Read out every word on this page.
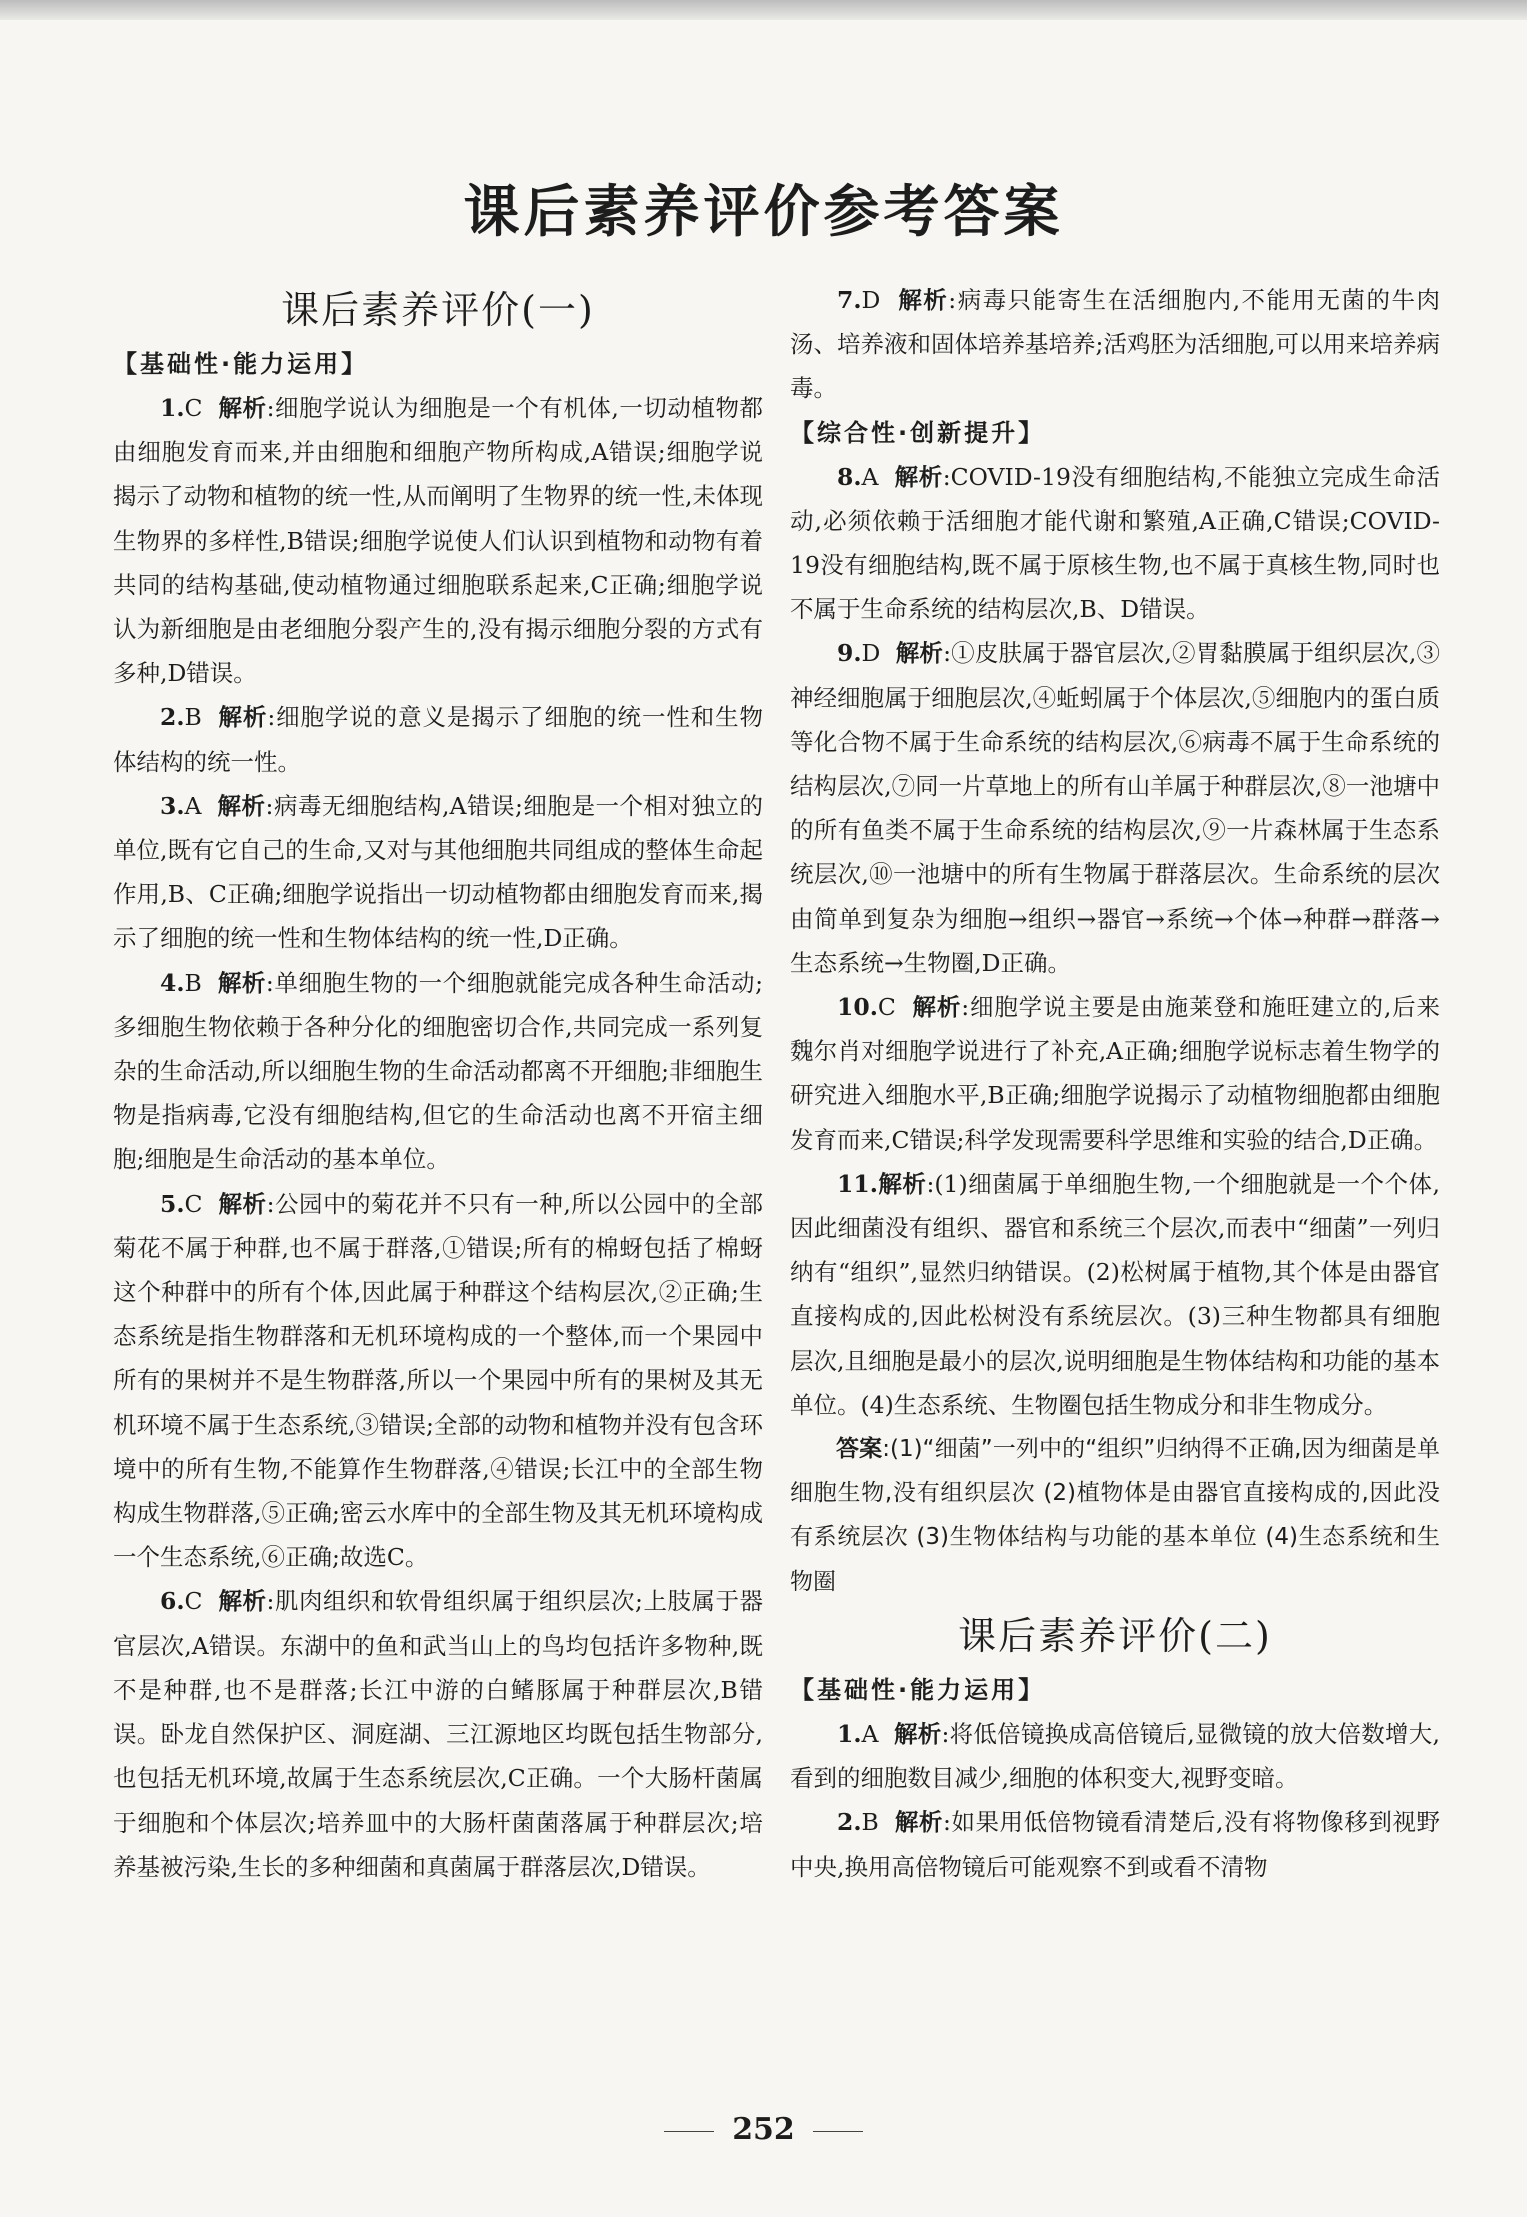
课后素养评价参考答案
课后素养评价(一)
【基础性·能力运用】

1.C 解析:细胞学说认为细胞是一个有机体,一切动植物都由细胞发育而来,并由细胞和细胞产物所构成,A错误;细胞学说揭示了动物和植物的统一性,从而阐明了生物界的统一性,未体现生物界的多样性,B错误;细胞学说使人们认识到植物和动物有着共同的结构基础,使动植物通过细胞联系起来,C正确;细胞学说认为新细胞是由老细胞分裂产生的,没有揭示细胞分裂的方式有多种,D错误。

2.B 解析:细胞学说的意义是揭示了细胞的统一性和生物体结构的统一性。

3.A 解析:病毒无细胞结构,A错误;细胞是一个相对独立的单位,既有它自己的生命,又对与其他细胞共同组成的整体生命起作用,B、C正确;细胞学说指出一切动植物都由细胞发育而来,揭示了细胞的统一性和生物体结构的统一性,D正确。

4.B 解析:单细胞生物的一个细胞就能完成各种生命活动;多细胞生物依赖于各种分化的细胞密切合作,共同完成一系列复杂的生命活动,所以细胞生物的生命活动都离不开细胞;非细胞生物是指病毒,它没有细胞结构,但它的生命活动也离不开宿主细胞;细胞是生命活动的基本单位。

5.C 解析:公园中的菊花并不只有一种,所以公园中的全部菊花不属于种群,也不属于群落,①错误;所有的棉蚜包括了棉蚜这个种群中的所有个体,因此属于种群这个结构层次,②正确;生态系统是指生物群落和无机环境构成的一个整体,而一个果园中所有的果树并不是生物群落,所以一个果园中所有的果树及其无机环境不属于生态系统,③错误;全部的动物和植物并没有包含环境中的所有生物,不能算作生物群落,④错误;长江中的全部生物构成生物群落,⑤正确;密云水库中的全部生物及其无机环境构成一个生态系统,⑥正确;故选C。

6.C 解析:肌肉组织和软骨组织属于组织层次;上肢属于器官层次,A错误。东湖中的鱼和武当山上的鸟均包括许多物种,既不是种群,也不是群落;长江中游的白鳍豚属于种群层次,B错误。卧龙自然保护区、洞庭湖、三江源地区均既包括生物部分,也包括无机环境,故属于生态系统层次,C正确。一个大肠杆菌属于细胞和个体层次;培养皿中的大肠杆菌菌落属于种群层次;培养基被污染,生长的多种细菌和真菌属于群落层次,D错误。

7.D 解析:病毒只能寄生在活细胞内,不能用无菌的牛肉汤、培养液和固体培养基培养;活鸡胚为活细胞,可以用来培养病毒。

【综合性·创新提升】

8.A 解析:COVID-19没有细胞结构,不能独立完成生命活动,必须依赖于活细胞才能代谢和繁殖,A正确,C错误;COVID-19没有细胞结构,既不属于原核生物,也不属于真核生物,同时也不属于生命系统的结构层次,B、D错误。

9.D 解析:①皮肤属于器官层次,②胃黏膜属于组织层次,③神经细胞属于细胞层次,④蚯蚓属于个体层次,⑤细胞内的蛋白质等化合物不属于生命系统的结构层次,⑥病毒不属于生命系统的结构层次,⑦同一片草地上的所有山羊属于种群层次,⑧一池塘中的所有鱼类不属于生命系统的结构层次,⑨一片森林属于生态系统层次,⑩一池塘中的所有生物属于群落层次。生命系统的层次由简单到复杂为细胞→组织→器官→系统→个体→种群→群落→生态系统→生物圈,D正确。

10.C 解析:细胞学说主要是由施莱登和施旺建立的,后来魏尔肖对细胞学说进行了补充,A正确;细胞学说标志着生物学的研究进入细胞水平,B正确;细胞学说揭示了动植物细胞都由细胞发育而来,C错误;科学发现需要科学思维和实验的结合,D正确。

11.解析:(1)细菌属于单细胞生物,一个细胞就是一个个体,因此细菌没有组织、器官和系统三个层次,而表中“细菌”一列归纳有“组织”,显然归纳错误。(2)松树属于植物,其个体是由器官直接构成的,因此松树没有系统层次。(3)三种生物都具有细胞层次,且细胞是最小的层次,说明细胞是生物体结构和功能的基本单位。(4)生态系统、生物圈包括生物成分和非生物成分。

答案:(1)“细菌”一列中的“组织”归纳得不正确,因为细菌是单细胞生物,没有组织层次 (2)植物体是由器官直接构成的,因此没有系统层次 (3)生物体结构与功能的基本单位 (4)生态系统和生物圈

课后素养评价(二)
【基础性·能力运用】

1.A 解析:将低倍镜换成高倍镜后,显微镜的放大倍数增大,看到的细胞数目减少,细胞的体积变大,视野变暗。

2.B 解析:如果用低倍物镜看清楚后,没有将物像移到视野中央,换用高倍物镜后可能观察不到或看不清物

252
